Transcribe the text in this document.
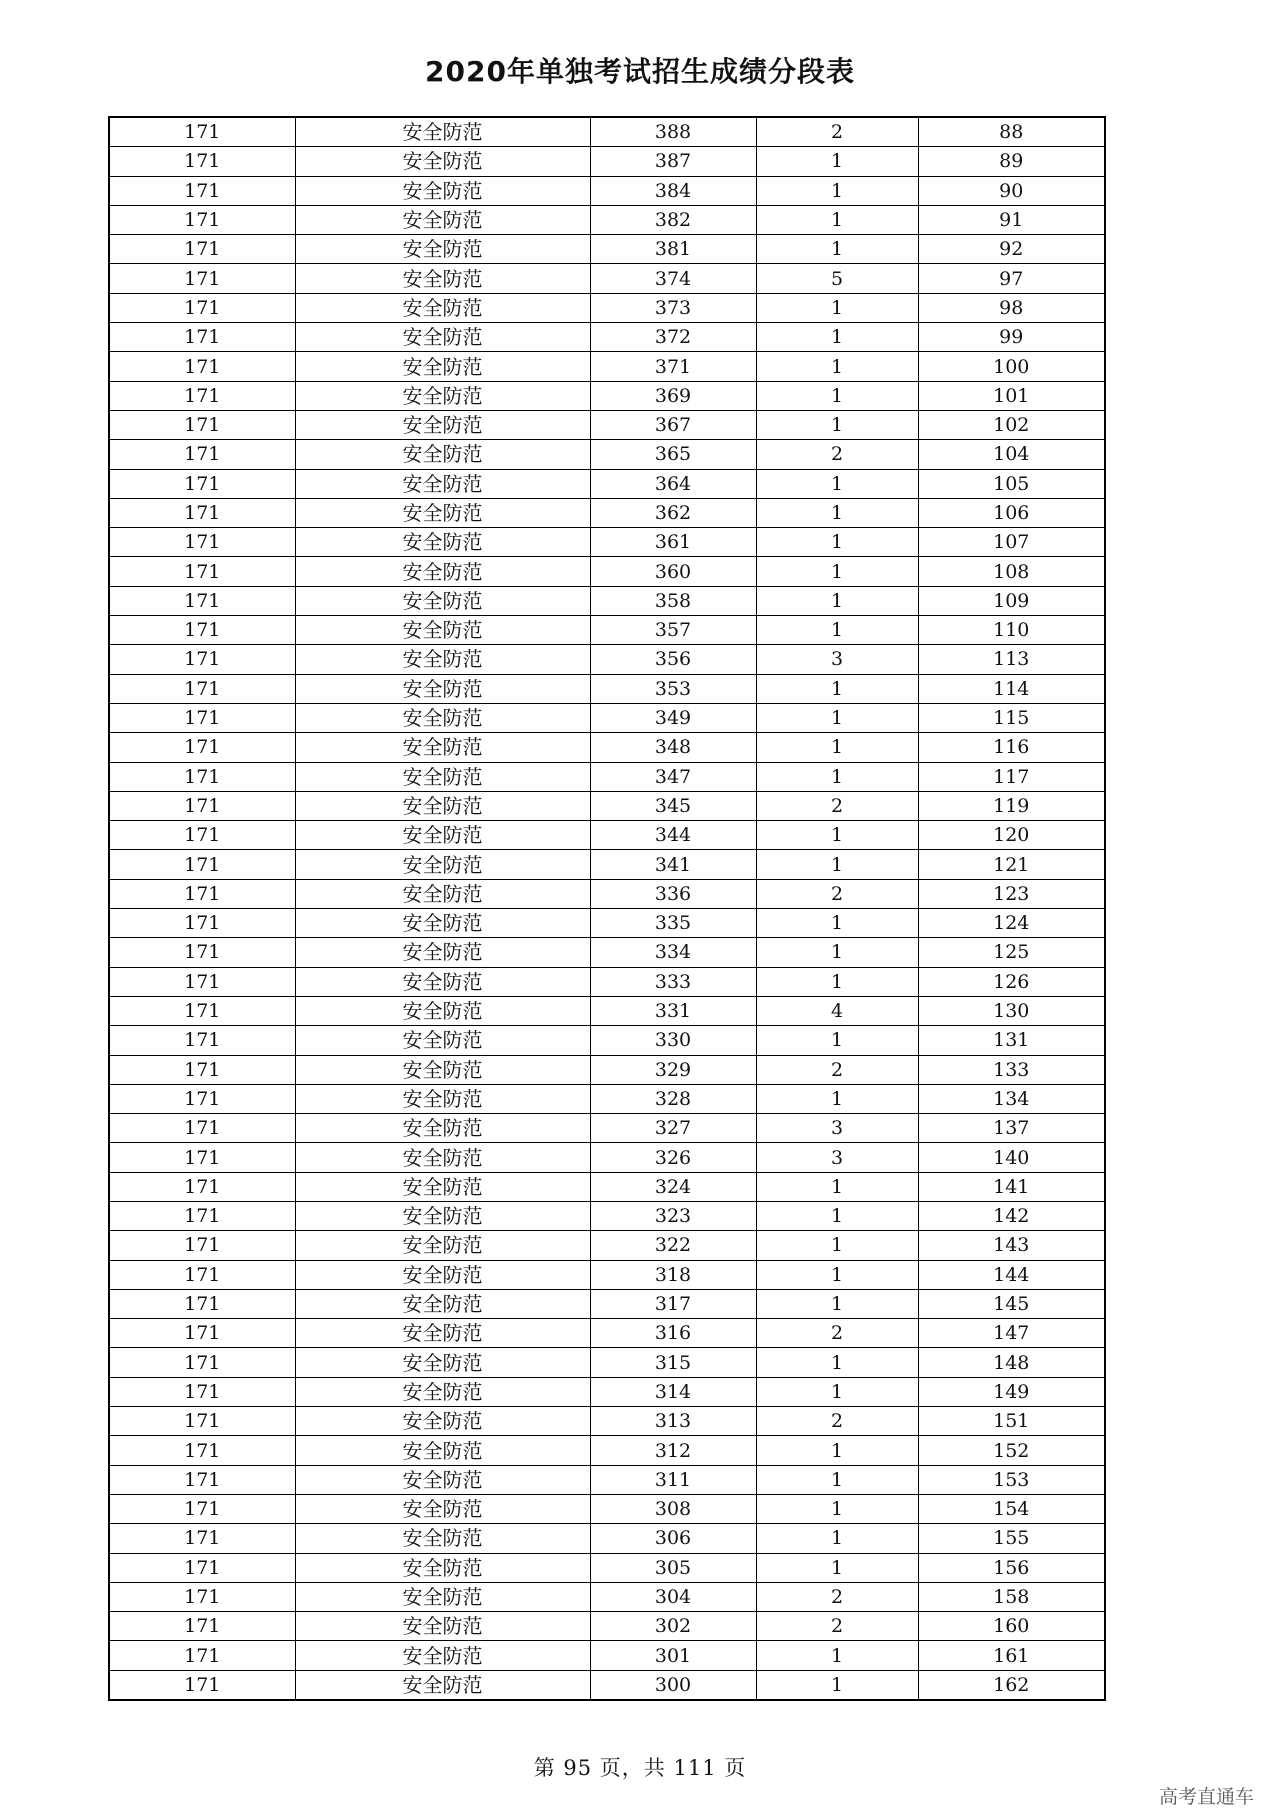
2020年单独考试招生成绩分段表
171	安全防范	388	2	88
171	安全防范	387	1	89
171	安全防范	384	1	90
171	安全防范	382	1	91
171	安全防范	381	1	92
171	安全防范	374	5	97
171	安全防范	373	1	98
171	安全防范	372	1	99
171	安全防范	371	1	100
171	安全防范	369	1	101
171	安全防范	367	1	102
171	安全防范	365	2	104
171	安全防范	364	1	105
171	安全防范	362	1	106
171	安全防范	361	1	107
171	安全防范	360	1	108
171	安全防范	358	1	109
171	安全防范	357	1	110
171	安全防范	356	3	113
171	安全防范	353	1	114
171	安全防范	349	1	115
171	安全防范	348	1	116
171	安全防范	347	1	117
171	安全防范	345	2	119
171	安全防范	344	1	120
171	安全防范	341	1	121
171	安全防范	336	2	123
171	安全防范	335	1	124
171	安全防范	334	1	125
171	安全防范	333	1	126
171	安全防范	331	4	130
171	安全防范	330	1	131
171	安全防范	329	2	133
171	安全防范	328	1	134
171	安全防范	327	3	137
171	安全防范	326	3	140
171	安全防范	324	1	141
171	安全防范	323	1	142
171	安全防范	322	1	143
171	安全防范	318	1	144
171	安全防范	317	1	145
171	安全防范	316	2	147
171	安全防范	315	1	148
171	安全防范	314	1	149
171	安全防范	313	2	151
171	安全防范	312	1	152
171	安全防范	311	1	153
171	安全防范	308	1	154
171	安全防范	306	1	155
171	安全防范	305	1	156
171	安全防范	304	2	158
171	安全防范	302	2	160
171	安全防范	301	1	161
171	安全防范	300	1	162
第 95 页，共 111 页
高考直通车
